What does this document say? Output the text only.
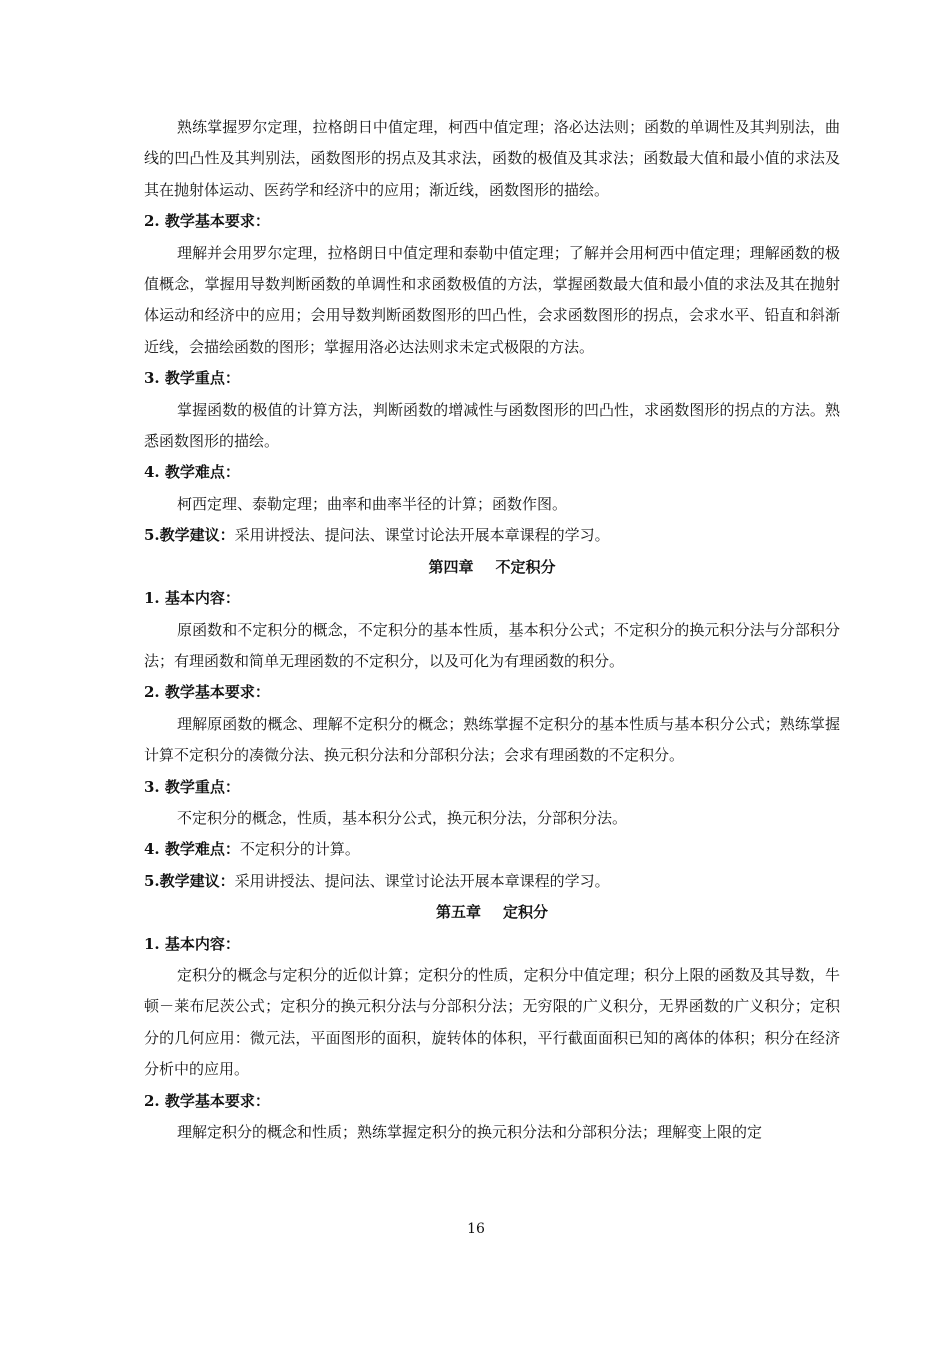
熟练掌握罗尔定理，拉格朗日中值定理，柯西中值定理；洛必达法则；函数的单调性及其判别法，曲线的凹凸性及其判别法，函数图形的拐点及其求法，函数的极值及其求法；函数最大值和最小值的求法及其在抛射体运动、医药学和经济中的应用；渐近线，函数图形的描绘。

2. 教学基本要求：

理解并会用罗尔定理，拉格朗日中值定理和泰勒中值定理；了解并会用柯西中值定理；理解函数的极值概念，掌握用导数判断函数的单调性和求函数极值的方法，掌握函数最大值和最小值的求法及其在抛射体运动和经济中的应用；会用导数判断函数图形的凹凸性，会求函数图形的拐点，会求水平、铅直和斜渐近线，会描绘函数的图形；掌握用洛必达法则求未定式极限的方法。

3. 教学重点：

掌握函数的极值的计算方法，判断函数的增减性与函数图形的凹凸性，求函数图形的拐点的方法。熟悉函数图形的描绘。

4. 教学难点：

柯西定理、泰勒定理；曲率和曲率半径的计算；函数作图。

5.教学建议：采用讲授法、提问法、课堂讨论法开展本章课程的学习。

第四章 不定积分

1. 基本内容：

原函数和不定积分的概念，不定积分的基本性质，基本积分公式；不定积分的换元积分法与分部积分法；有理函数和简单无理函数的不定积分，以及可化为有理函数的积分。

2. 教学基本要求：

理解原函数的概念、理解不定积分的概念；熟练掌握不定积分的基本性质与基本积分公式；熟练掌握计算不定积分的凑微分法、换元积分法和分部积分法；会求有理函数的不定积分。

3. 教学重点：

不定积分的概念，性质，基本积分公式，换元积分法，分部积分法。

4. 教学难点：不定积分的计算。

5.教学建议：采用讲授法、提问法、课堂讨论法开展本章课程的学习。

第五章 定积分

1. 基本内容：

定积分的概念与定积分的近似计算；定积分的性质，定积分中值定理；积分上限的函数及其导数，牛顿－莱布尼茨公式；定积分的换元积分法与分部积分法；无穷限的广义积分，无界函数的广义积分；定积分的几何应用：微元法，平面图形的面积，旋转体的体积，平行截面面积已知的离体的体积；积分在经济分析中的应用。

2. 教学基本要求：

理解定积分的概念和性质；熟练掌握定积分的换元积分法和分部积分法；理解变上限的定

16
